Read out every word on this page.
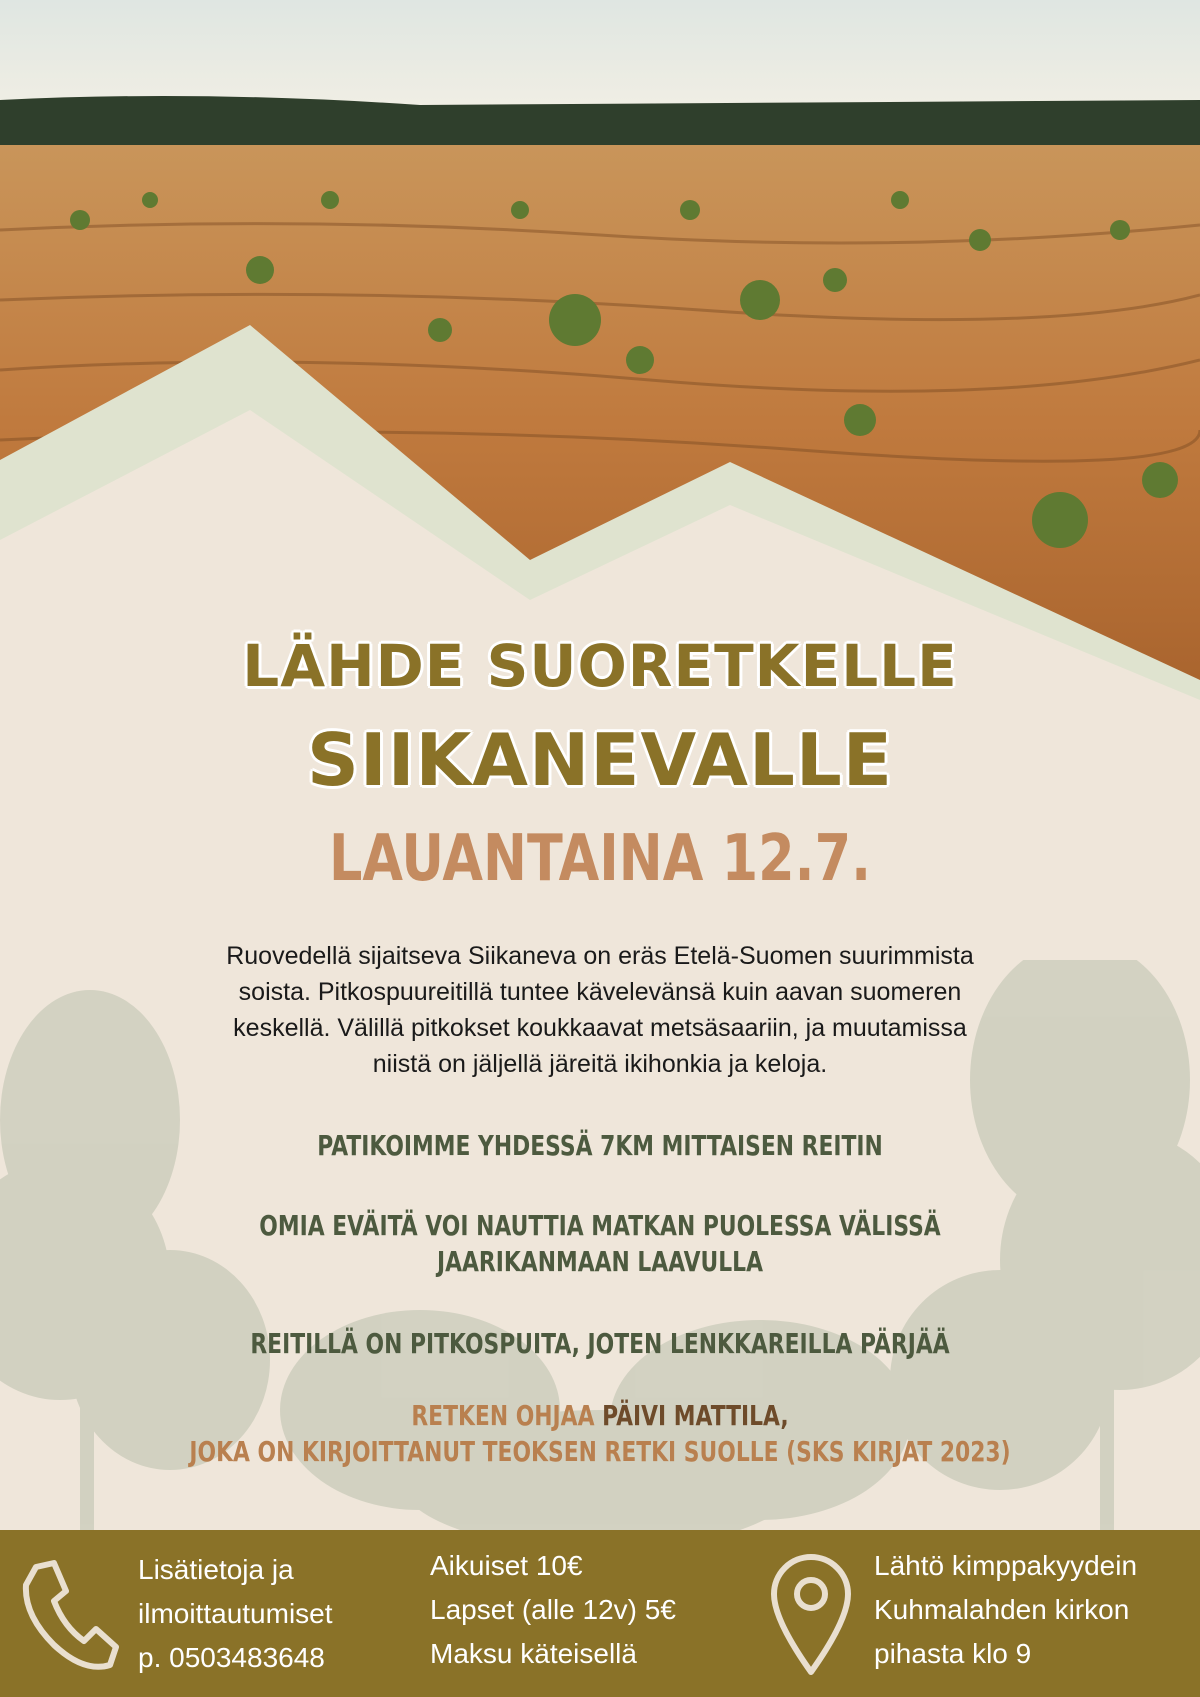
LÄHDE SUORETKELLE
SIIKANEVALLE
LAUANTAINA 12.7.
Ruovedellä sijaitseva Siikaneva on eräs Etelä-Suomen suurimmista
soista. Pitkospuureitillä tuntee kävelevänsä kuin aavan suomeren
keskellä. Välillä pitkokset koukkaavat metsäsaariin, ja muutamissa
niistä on jäljellä järeitä ikihonkia ja keloja.
PATIKOIMME YHDESSÄ 7KM MITTAISEN REITIN
OMIA EVÄITÄ VOI NAUTTIA MATKAN PUOLESSA VÄLISSÄ
JAARIKANMAAN LAAVULLA
REITILLÄ ON PITKOSPUITA, JOTEN LENKKAREILLA PÄRJÄÄ
RETKEN OHJAA PÄIVI MATTILA,
JOKA ON KIRJOITTANUT TEOKSEN RETKI SUOLLE (SKS KIRJAT 2023)
Lisätietoja ja
ilmoittautumiset
p. 0503483648
Aikuiset 10€
Lapset (alle 12v) 5€
Maksu käteisellä
Lähtö kimppakyydein
Kuhmalahden kirkon
pihasta klo 9
